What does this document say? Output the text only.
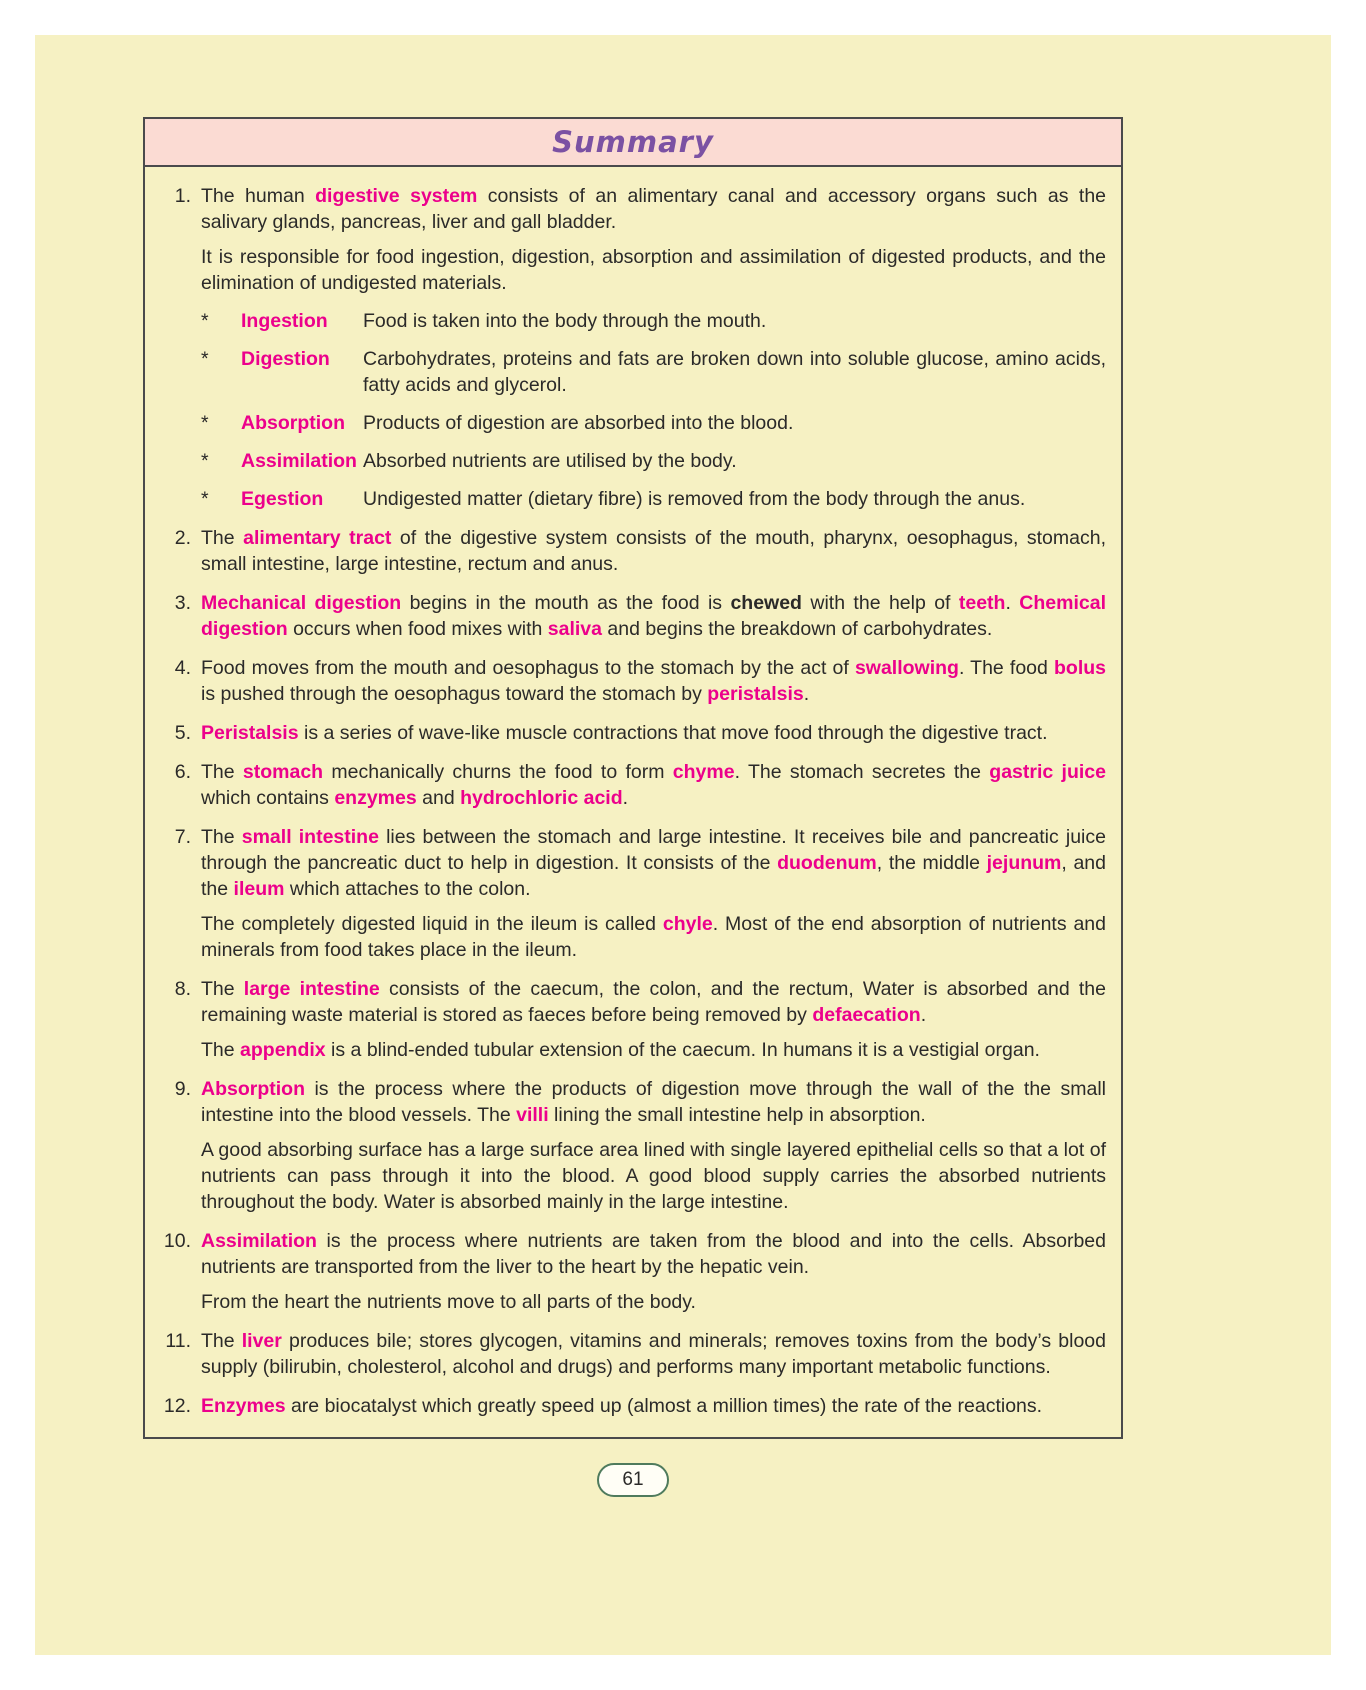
Summary
1. The human digestive system consists of an alimentary canal and accessory organs such as the salivary glands, pancreas, liver and gall bladder.

It is responsible for food ingestion, digestion, absorption and assimilation of digested products, and the elimination of undigested materials.

*	Ingestion	Food is taken into the body through the mouth.
*	Digestion	Carbohydrates, proteins and fats are broken down into soluble glucose, amino acids, fatty acids and glycerol.
*	Absorption Products of digestion are absorbed into the blood.
*	Assimilation Absorbed nutrients are utilised by the body.
*	Egestion	Undigested matter (dietary fibre) is removed from the body through the anus.
2. The alimentary tract of the digestive system consists of the mouth, pharynx, oesophagus, stomach, small intestine, large intestine, rectum and anus.

3. Mechanical digestion begins in the mouth as the food is chewed with the help of teeth. Chemical digestion occurs when food mixes with saliva and begins the breakdown of carbohydrates.

4. Food moves from the mouth and oesophagus to the stomach by the act of swallowing. The food bolus is pushed through the oesophagus toward the stomach by peristalsis.

5. Peristalsis is a series of wave-like muscle contractions that move food through the digestive tract.

6. The stomach mechanically churns the food to form chyme. The stomach secretes the gastric juice which contains enzymes and hydrochloric acid.

7. The small intestine lies between the stomach and large intestine. It receives bile and pancreatic juice through the pancreatic duct to help in digestion. It consists of the duodenum, the middle jejunum, and the ileum which attaches to the colon.

The completely digested liquid in the ileum is called chyle. Most of the end absorption of nutrients and minerals from food takes place in the ileum.

8. The large intestine consists of the caecum, the colon, and the rectum, Water is absorbed and the remaining waste material is stored as faeces before being removed by defaecation.

The appendix is a blind-ended tubular extension of the caecum. In humans it is a vestigial organ.

9. Absorption is the process where the products of digestion move through the wall of the the small intestine into the blood vessels. The villi lining the small intestine help in absorption.

A good absorbing surface has a large surface area lined with single layered epithelial cells so that a lot of nutrients can pass through it into the blood. A good blood supply carries the absorbed nutrients throughout the body. Water is absorbed mainly in the large intestine.

10. Assimilation is the process where nutrients are taken from the blood and into the cells. Absorbed nutrients are transported from the liver to the heart by the hepatic vein.

From the heart the nutrients move to all parts of the body.

11. The liver produces bile; stores glycogen, vitamins and minerals; removes toxins from the body’s blood supply (bilirubin, cholesterol, alcohol and drugs) and performs many important metabolic functions.

12. Enzymes are biocatalyst which greatly speed up (almost a million times) the rate of the reactions.

61
